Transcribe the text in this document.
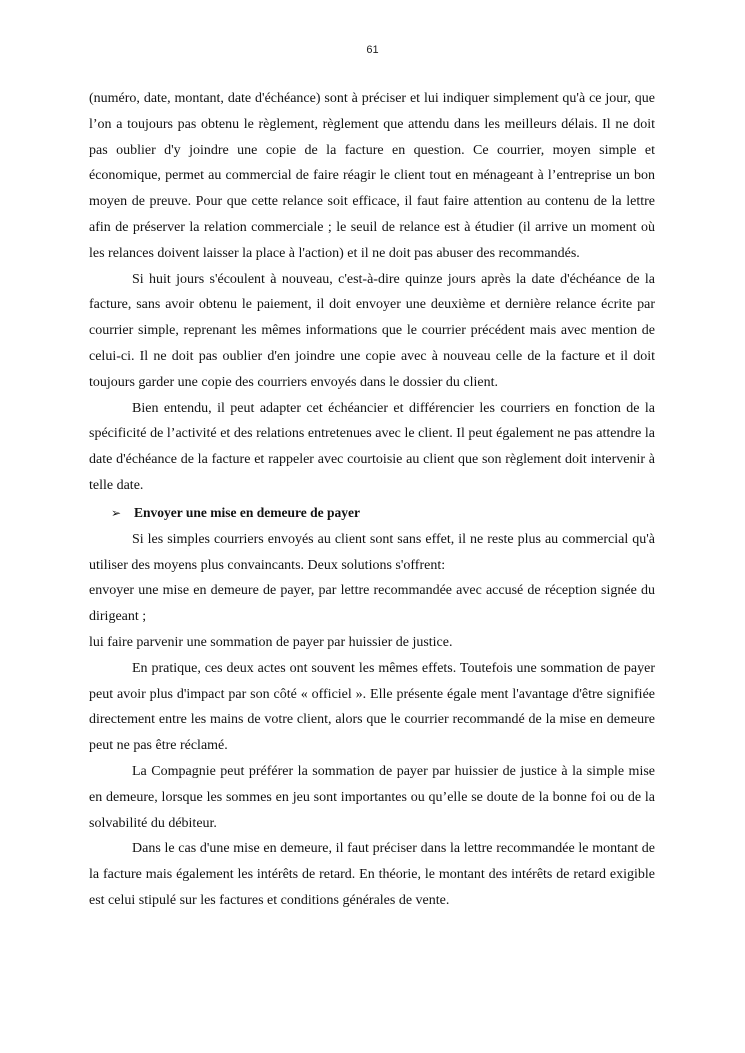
61

(numéro, date, montant, date d'échéance) sont à préciser et lui indiquer simplement qu'à ce jour, que l’on a toujours pas obtenu le règlement, règlement que attendu dans les meilleurs délais. Il ne doit pas oublier d'y joindre une copie de la facture en question. Ce courrier, moyen simple et économique, permet au commercial de faire réagir le client tout en ménageant à l’entreprise un bon moyen de preuve. Pour que cette relance soit efficace, il faut faire attention au contenu de la lettre afin de préserver la relation commerciale ; le seuil de relance est à étudier (il arrive un moment où les relances doivent laisser la place à l'action) et il ne doit pas abuser des recommandés.

Si huit jours s'écoulent à nouveau, c'est-à-dire quinze jours après la date d'échéance de la facture, sans avoir obtenu le paiement, il doit envoyer une deuxième et dernière relance écrite par courrier simple, reprenant les mêmes informations que le courrier précédent mais avec mention de celui-ci. Il ne doit pas oublier d'en joindre une copie avec à nouveau celle de la facture et il doit toujours garder une copie des courriers envoyés dans le dossier du client.

Bien entendu, il peut adapter cet échéancier et différencier les courriers en fonction de la spécificité de l’activité et des relations entretenues avec le client. Il peut également ne pas attendre la date d'échéance de la facture et rappeler avec courtoisie au client que son règlement doit intervenir à telle date.

➢ Envoyer une mise en demeure de payer

Si les simples courriers envoyés au client sont sans effet, il ne reste plus au commercial qu'à utiliser des moyens plus convaincants. Deux solutions s'offrent:

envoyer une mise en demeure de payer, par lettre recommandée avec accusé de réception signée du dirigeant ;

lui faire parvenir une sommation de payer par huissier de justice.

En pratique, ces deux actes ont souvent les mêmes effets. Toutefois une sommation de payer peut avoir plus d'impact par son côté « officiel ». Elle présente égale ment l'avantage d'être signifiée directement entre les mains de votre client, alors que le courrier recommandé de la mise en demeure peut ne pas être réclamé.

La Compagnie peut préférer la sommation de payer par huissier de justice à la simple mise en demeure, lorsque les sommes en jeu sont importantes ou qu’elle se doute de la bonne foi ou de la solvabilité du débiteur.

Dans le cas d'une mise en demeure, il faut préciser dans la lettre recommandée le montant de la facture mais également les intérêts de retard. En théorie, le montant des intérêts de retard exigible est celui stipulé sur les factures et conditions générales de vente.
